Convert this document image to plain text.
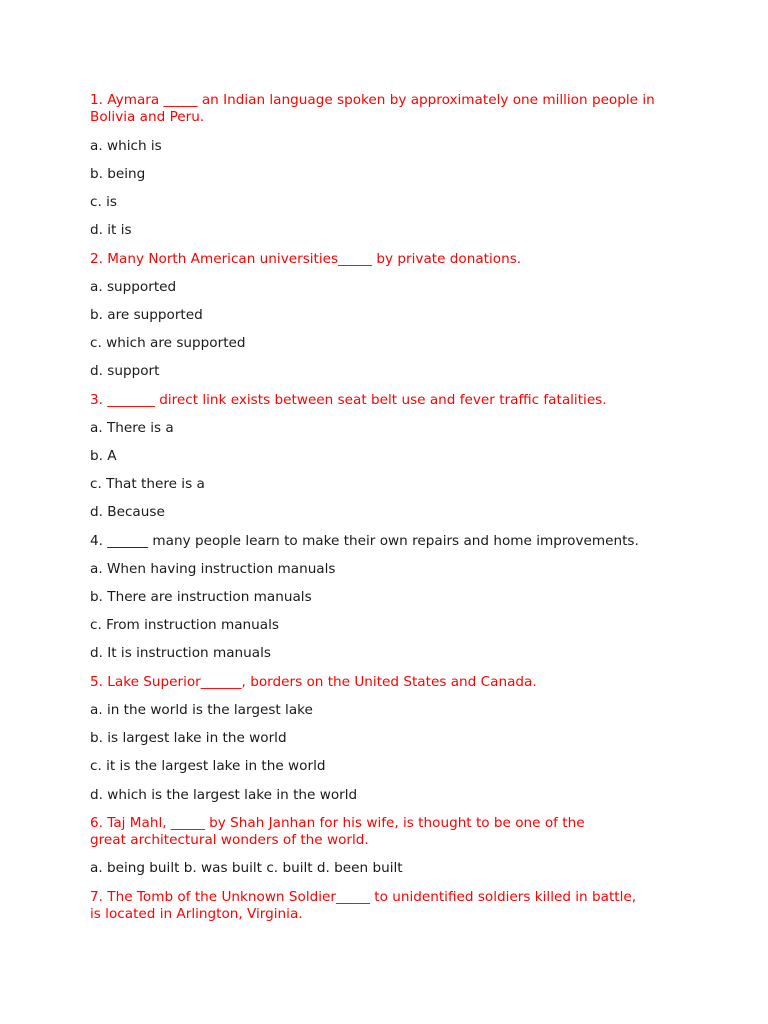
1. Aymara _____ an Indian language spoken by approximately one million people in Bolivia and Peru.

a. which is

b. being

c. is

d. it is

2. Many North American universities_____ by private donations.

a. supported

b. are supported

c. which are supported

d. support

3. _______ direct link exists between seat belt use and fever traffic fatalities.

a. There is a

b. A

c. That there is a

d. Because

4. ______ many people learn to make their own repairs and home improvements.

a. When having instruction manuals

b. There are instruction manuals

c. From instruction manuals

d. It is instruction manuals

5. Lake Superior______, borders on the United States and Canada.

a. in the world is the largest lake

b. is largest lake in the world

c. it is the largest lake in the world

d. which is the largest lake in the world

6. Taj Mahl, _____ by Shah Janhan for his wife, is thought to be one of the

great architectural wonders of the world.

a. being built b. was built c. built d. been built

7. The Tomb of the Unknown Soldier_____ to unidentified soldiers killed in battle,

is located in Arlington, Virginia.
